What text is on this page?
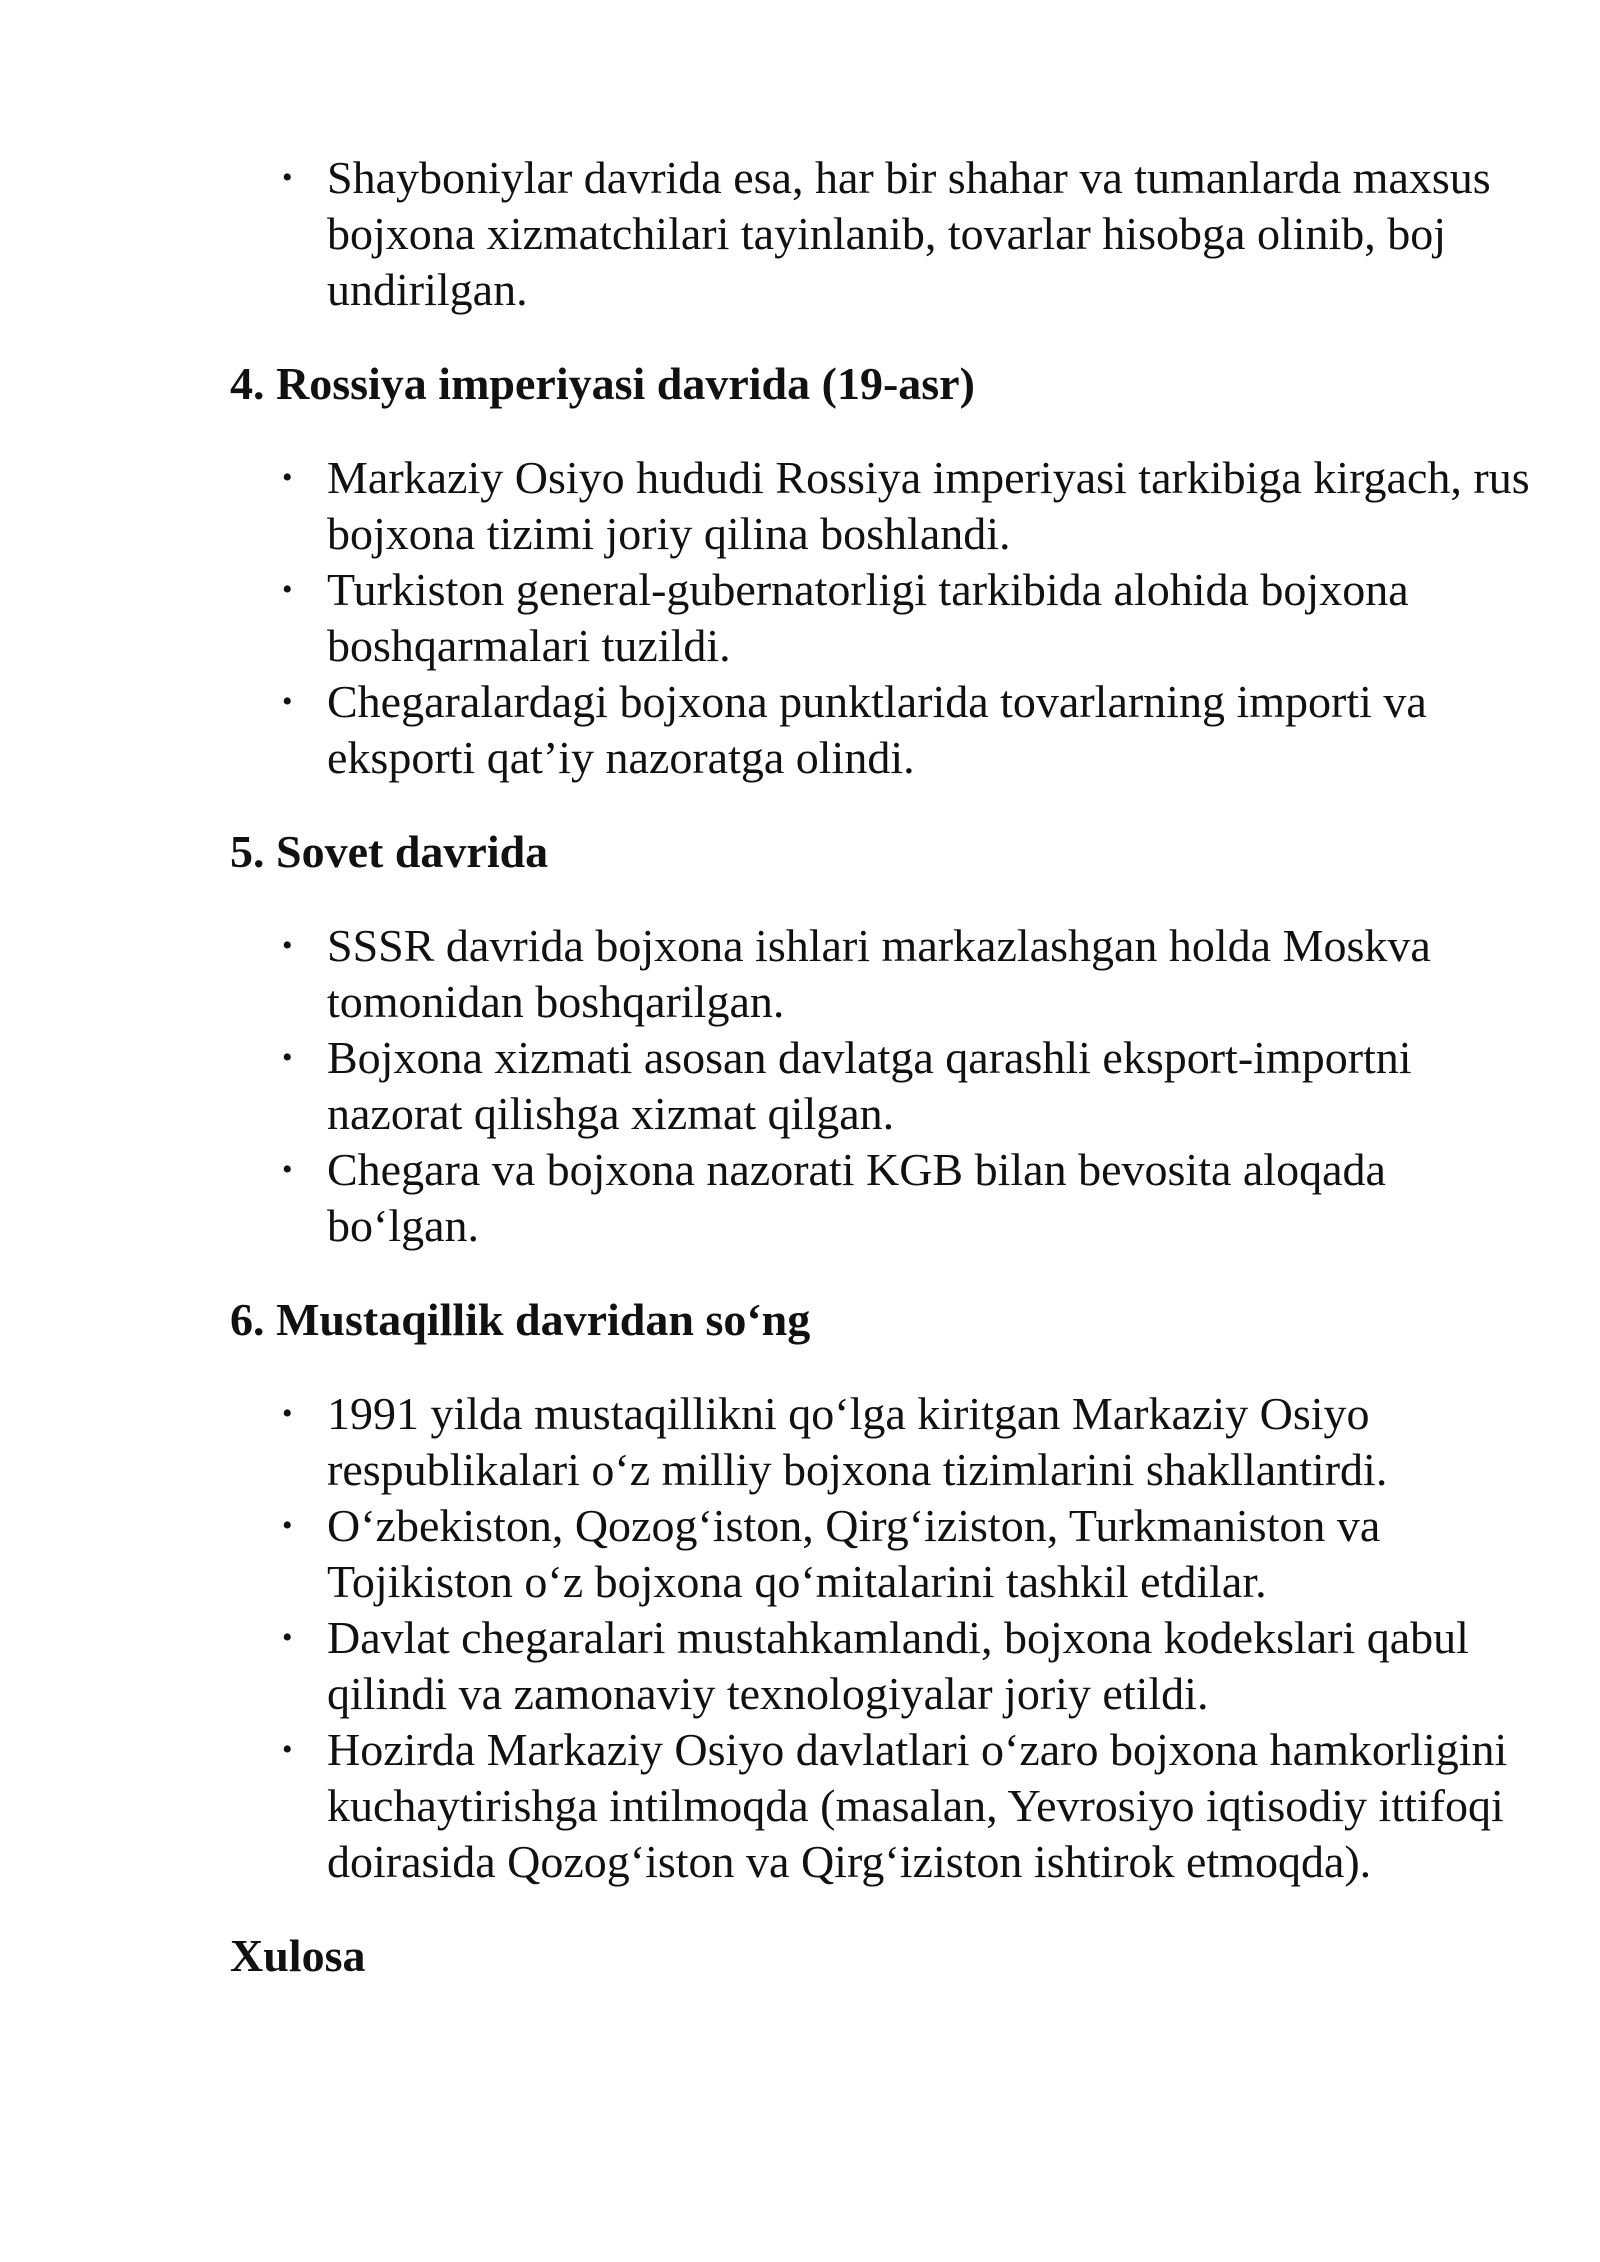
• Shayboniylar davrida esa, har bir shahar va tumanlarda maxsus bojxona xizmatchilari tayinlanib, tovarlar hisobga olinib, boj undirilgan.
4. Rossiya imperiyasi davrida (19-asr)
• Markaziy Osiyo hududi Rossiya imperiyasi tarkibiga kirgach, rus bojxona tizimi joriy qilina boshlandi.
• Turkiston general-gubernatorligi tarkibida alohida bojxona boshqarmalari tuzildi.
• Chegaralardagi bojxona punktlarida tovarlarning importi va eksporti qat’iy nazoratga olindi.
5. Sovet davrida
• SSSR davrida bojxona ishlari markazlashgan holda Moskva tomonidan boshqarilgan.
• Bojxona xizmati asosan davlatga qarashli eksport-importni nazorat qilishga xizmat qilgan.
• Chegara va bojxona nazorati KGB bilan bevosita aloqada bo‘lgan.
6. Mustaqillik davridan so‘ng
• 1991 yilda mustaqillikni qo‘lga kiritgan Markaziy Osiyo respublikalari o‘z milliy bojxona tizimlarini shakllantirdi.
• O‘zbekiston, Qozog‘iston, Qirg‘iziston, Turkmaniston va Tojikiston o‘z bojxona qo‘mitalarini tashkil etdilar.
• Davlat chegaralari mustahkamlandi, bojxona kodekslari qabul qilindi va zamonaviy texnologiyalar joriy etildi.
• Hozirda Markaziy Osiyo davlatlari o‘zaro bojxona hamkorligini kuchaytirishga intilmoqda (masalan, Yevrosiyo iqtisodiy ittifoqi doirasida Qozog‘iston va Qirg‘iziston ishtirok etmoqda).
Xulosa
